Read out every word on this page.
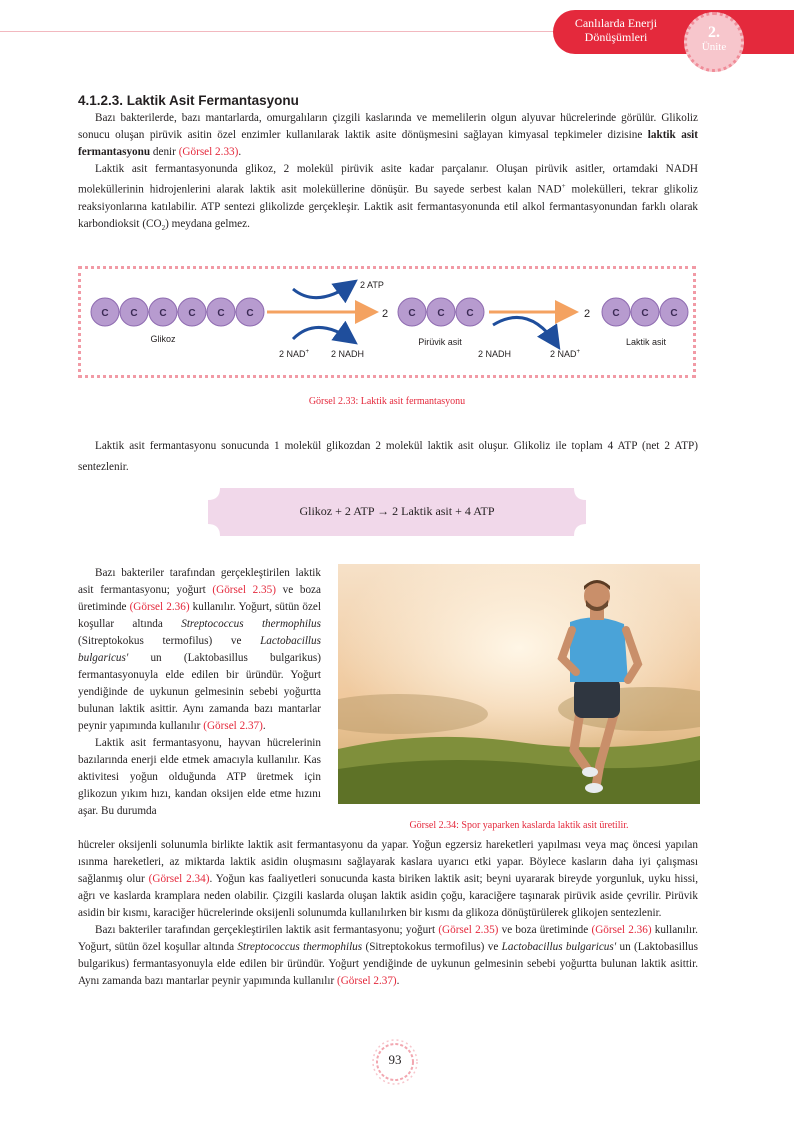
Canlılarda Enerji
Dönüşümleri	2.
Ünite
4.1.2.3. Laktik Asit Fermantasyonu

Bazı bakterilerde, bazı mantarlarda, omurgalıların çizgili kaslarında ve memelilerin olgun alyuvar hücrelerinde görülür. Glikoliz sonucu oluşan pirüvik asitin özel enzimler kullanılarak laktik asite dönüşmesini sağlayan kimyasal tepkimeler dizisine laktik asit fermantasyonu denir (Görsel 2.33).

Laktik asit fermantasyonunda glikoz, 2 molekül pirüvik asite kadar parçalanır. Oluşan pirüvik asitler, ortamdaki NADH moleküllerinin hidrojenlerini alarak laktik asit moleküllerine dönüşür. Bu sayede serbest kalan NAD+ molekülleri, tekrar glikoliz reaksiyonlarına katılabilir. ATP sentezi glikolizde gerçekleşir. Laktik asit fermantasyonunda etil alkol fermantasyonundan farklı olarak karbondioksit $(CO_2)$ meydana gelmez.

C C C C C C	C C C	C C C
Glikoz	Pirüvik asit	Laktik asit
2	2
2 ATP
2 NAD+ 2 NADH	2 NADH	2 NAD+
Görsel 2.33: Laktik asit fermantasyonu

Laktik asit fermantasyonu sonucunda 1 molekül glikozdan 2 molekül laktik asit oluşur. Glikoliz ile toplam 4 ATP (net 2 ATP) sentezlenir.

Glikoz + 2 ATP → 2 Laktik asit + 4 ATP

Bazı bakteriler tarafından gerçekleştirilen laktik asit fermantasyonu; yoğurt (Görsel 2.35) ve boza üretiminde (Görsel 2.36) kullanılır. Yoğurt, sütün özel koşullar altında Streptococcus thermophilus (Sitreptokokus termofilus) ve Lactobacillus bulgaricus' un (Laktobasillus bulgarikus) fermantasyonuyla elde edilen bir üründür. Yoğurt yendiğinde de uykunun gelmesinin sebebi yoğurtta bulunan laktik asittir. Aynı zamanda bazı mantarlar peynir yapımında kullanılır (Görsel 2.37).

Laktik asit fermantasyonu, hayvan hücrelerinin bazılarında enerji elde etmek amacıyla kullanılır. Kas aktivitesi yoğun olduğunda ATP üretmek için glikozun yıkım hızı, kandan oksijen elde etme hızını aşar. Bu durumda

Görsel 2.34: Spor yaparken kaslarda laktik asit üretilir.

hücreler oksijenli solunumla birlikte laktik asit fermantasyonu da yapar. Yoğun egzersiz hareketleri yapılması veya maç öncesi yapılan ısınma hareketleri, az miktarda laktik asidin oluşmasını sağlayarak kaslara uyarıcı etki yapar. Böylece kasların daha iyi çalışması sağlanmış olur (Görsel 2.34). Yoğun kas faaliyetleri sonucunda kasta biriken laktik asit; beyni uyararak bireyde yorgunluk, uyku hissi, ağrı ve kaslarda kramplara neden olabilir. Çizgili kaslarda oluşan laktik asidin çoğu, karaciğere taşınarak pirüvik aside çevrilir. Pirüvik asidin bir kısmı, karaciğer hücrelerinde oksijenli solunumda kullanılırken bir kısmı da glikoza dönüştürülerek glikojen sentezlenir.

Bazı bakteriler tarafından gerçekleştirilen laktik asit fermantasyonu; yoğurt (Görsel 2.35) ve boza üretiminde (Görsel 2.36) kullanılır. Yoğurt, sütün özel koşullar altında Streptococcus thermophilus (Sitreptokokus termofilus) ve Lactobacillus bulgaricus' un (Laktobasillus bulgarikus) fermantasyonuyla elde edilen bir üründür. Yoğurt yendiğinde de uykunun gelmesinin sebebi yoğurtta bulunan laktik asittir. Aynı zamanda bazı mantarlar peynir yapımında kullanılır (Görsel 2.37).

93
